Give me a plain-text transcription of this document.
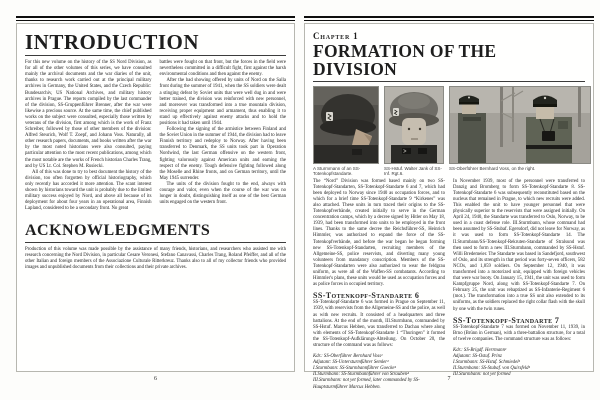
INTRODUCTION

For this new volume on the history of the SS Nord Division, as for all of the other volumes of this series, we have consulted mainly the archival documents and the war diaries of the unit, thanks to research work carried out at the principal military archives in Germany, the United States, and the Czech Republic: Bundesarchiv, US National Archives, and military history archives in Prague. The reports compiled by the last commander of the division, SS-Gruppenführer Brenner, after the war were likewise a precious source. At the same time, the chief published works on the subject were consulted, especially those written by veterans of the division, first among which is the work of Franz Schreiber, followed by those of other members of the division: Alfred Steurich, Wolf T. Zoepf, and Johann Voss. Naturally, all other research papers, documents, and books written after the war by the most noted historians were also consulted, paying particular attention to the most recent publications, among which the most notable are the works of French historian Charles Trang, and by US Lt. Col. Stephen M. Rusiecki.

All of this was done to try to best document the history of the division, too often forgotten by official historiography, which only recently has accorded it more attention. The scant interest shown by historians toward the unit is probably due to the limited military success enjoyed by Nord, and above all because of its deployment for about four years in an operational area, Finnish Lapland, considered to be a secondary front. No great

battles were fought on that front, but the forces in the field were nevertheless committed in a difficult fight, first against the harsh environmental conditions and then against the enemy.

After the bad showing offered by units of Nord on the Salla front during the summer of 1941, when the SS soldiers were dealt a stinging defeat by Soviet units that were well dug in and were better trained, the division was reinforced with new personnel, and moreover was transformed into a true mountain division, receiving proper equipment and armament, thus enabling it to stand up effectively against enemy attacks and to hold the positions it had taken until 1944.

Following the signing of the armistice between Finland and the Soviet Union in the summer of 1944, the division had to leave Finnish territory and redeploy to Norway. After having been transferred to Denmark, the SS units took part in Operation Nordwind, the last German offensive on the western front, fighting valorously against American units and earning the respect of the enemy. Tough defensive fighting followed along the Moselle and Rhine fronts, and on German territory, until the May 1945 surrender.

The units of the division fought to the end, always with courage and valor, even when the course of the war was no longer in doubt, distinguishing itself as one of the best German units engaged on the western front.

ACKNOWLEDGMENTS

Production of this volume was made possible by the assistance of many friends, historians, and researchers who assisted me with research concerning the Nord Division, in particular Cesare Veronesi, Stefano Canavassi, Charles Trang, Roland Pfeiffer, and all of the other Italian and foreign members of the Associazione Culturale Ritterkreuz. Thanks also to all of my collector friends who provided images and unpublished documents from their collections and their private archives.

6
Chapter 1
FORMATION OF THE DIVISION
A Sturmmann of an SS-Totenkopfstandarte.
SS-Hstuf. Walter Jank of SS-Inf. Rgt.6.
SS-Oberführer Bernhard Voss, on the right.

The “Nord” Division was formed based mainly on two SS-Totenkopf-Standarten, SS-Totenkopf-Standarte 6 and 7, which had been deployed to Norway since 1940 as occupation forces, and to which for a brief time SS-Totenkopf-Standarte 9 “Kirkenes” was also attached. These units in turn traced their origins to the SS-Totenkopfverbände, created initially to serve in the German concentration camps, which by a decree signed by Hitler on May 18, 1939, had been transformed into units to be employed in the front lines. Thanks to the same decree the Reichsführer-SS, Heinrich Himmler, was authorized to expand the force of the SS-Totenkopfverbände, and before the war began he began forming new SS-Totenkopf-Standarten, recruiting members of the Allgemeine-SS, police reservists, and diverting many young volunteers from mandatory conscription. Members of the SS-Totenkopf-Standarten were also authorized to wear the feldgrau uniform, as were all of the Waffen-SS combatants. According to Himmler's plans, these units would be used as occupation forces and as police forces in occupied territory.

SS-Totenkopf-Standarte 6

SS-Totenkopf-Standarte 6 was formed in Prague on September 11, 1939, with reservists from the Allgemeine-SS and the police, as well as with new recruits. It consisted of a headquarters and three battalions. At the end of the month, III.Sturmbann, commanded by SS-Hstuf. Marcus Hebben, was transferred to Dachau where along with elements of SS-Totenkopf-Standarte 1 “Thuringen” it formed the SS-Totenkopf-Aufklärungs-Abteilung. On October 20, the structure of the command was as follows:

Kdr.: SS-Oberführer Bernhard Voss¹
Adjutant: SS-Untersturmführer Semler²
I.Sturmbann: SS-Sturmbannführer Goecke³
II.Sturmbann: SS-Sturmbannführer von Strauben⁴
III.Sturmbann: not yet formed, later commanded by SS-Hauptsturmführer Marcus Hebben.

In November 1939, most of the personnel were transferred to Danzig and Bromberg to form SS-Totenkopf-Standarte 8. SS-Totenkopf-Standarte 6 was subsequently reconstituted based on the nucleus that remained in Prague, to which new recruits were added. This enabled the unit to have younger personnel that were physically superior to the reservists that were assigned initially. On April 24, 1940, the Standarte was transferred to Oslo, Norway, to be used in a coast defense role. III.Sturmbann, whose command had been assumed by SS-Stubaf. Egersdorf, did not leave for Norway, as it was used to form SS-Totenkopf-Standarte 14. The II.Sturmbann/SS-Totenkopf-Rekruten-Standarte of Stralsund was then used to form a new III.Sturmbann, commanded by SS-Hstuf. Willi Bredemeier. The Standarte was based in Sandefjord, southwest of Oslo, and its strength in that period was forty-seven officers, 582 NCOs, and 1,859 soldiers. On September 12, 1940, it was transformed into a motorized unit, equipped with foreign vehicles that were war booty. On January 15, 1941, the unit was used to form Kampfgruppe Nord, along with SS-Totenkopf-Standarte 7. On February 25, the unit was rebaptized as SS-Infanterie-Regiment 6 (mot.). The transformation into a true SS unit also extended to its uniforms, as the soldiers replaced the right collar flash with the skull by one with the twin runes.

SS-Totenkopf-Standarte 7

SS-Totenkopf-Standarte 7 was formed on November 11, 1939, in Brno (Brünn in German), with a three-battalion structure, for a total of twelve companies. The command structure was as follows:

Kdr.: SS-Brigdf. Herrmann¹
Adjutant: SS-Ostuf. Prinz
I.Sturmbann: SS-Hstuf. Schmiedel²
II.Sturmbann: SS-Stubaf. von Quirsfeld³
III.Sturmbann: not yet formed
7
